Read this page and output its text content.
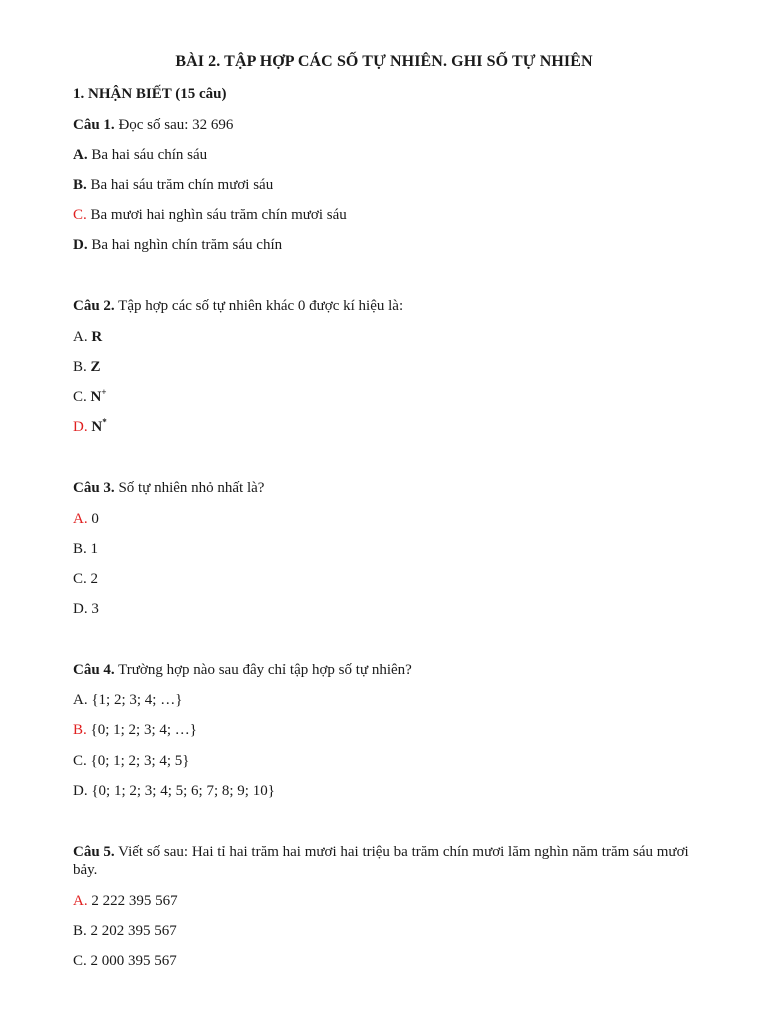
BÀI 2. TẬP HỢP CÁC SỐ TỰ NHIÊN. GHI SỐ TỰ NHIÊN
1. NHẬN BIẾT (15 câu)
Câu 1. Đọc số sau: 32 696
A. Ba hai sáu chín sáu
B. Ba hai sáu trăm chín mươi sáu
C. Ba mươi hai nghìn sáu trăm chín mươi sáu
D. Ba hai nghìn chín trăm sáu chín
Câu 2. Tập hợp các số tự nhiên khác 0 được kí hiệu là:
A. R
B. Z
C. N+
D. N*
Câu 3. Số tự nhiên nhỏ nhất là?
A. 0
B. 1
C. 2
D. 3
Câu 4. Trường hợp nào sau đây chỉ tập hợp số tự nhiên?
A. {1; 2; 3; 4; …}
B. {0; 1; 2; 3; 4; …}
C. {0; 1; 2; 3; 4; 5}
D. {0; 1; 2; 3; 4; 5; 6; 7; 8; 9; 10}
Câu 5. Viết số sau: Hai tỉ hai trăm hai mươi hai triệu ba trăm chín mươi lăm nghìn năm trăm sáu mươi bảy.
A. 2 222 395 567
B. 2 202 395 567
C. 2 000 395 567
